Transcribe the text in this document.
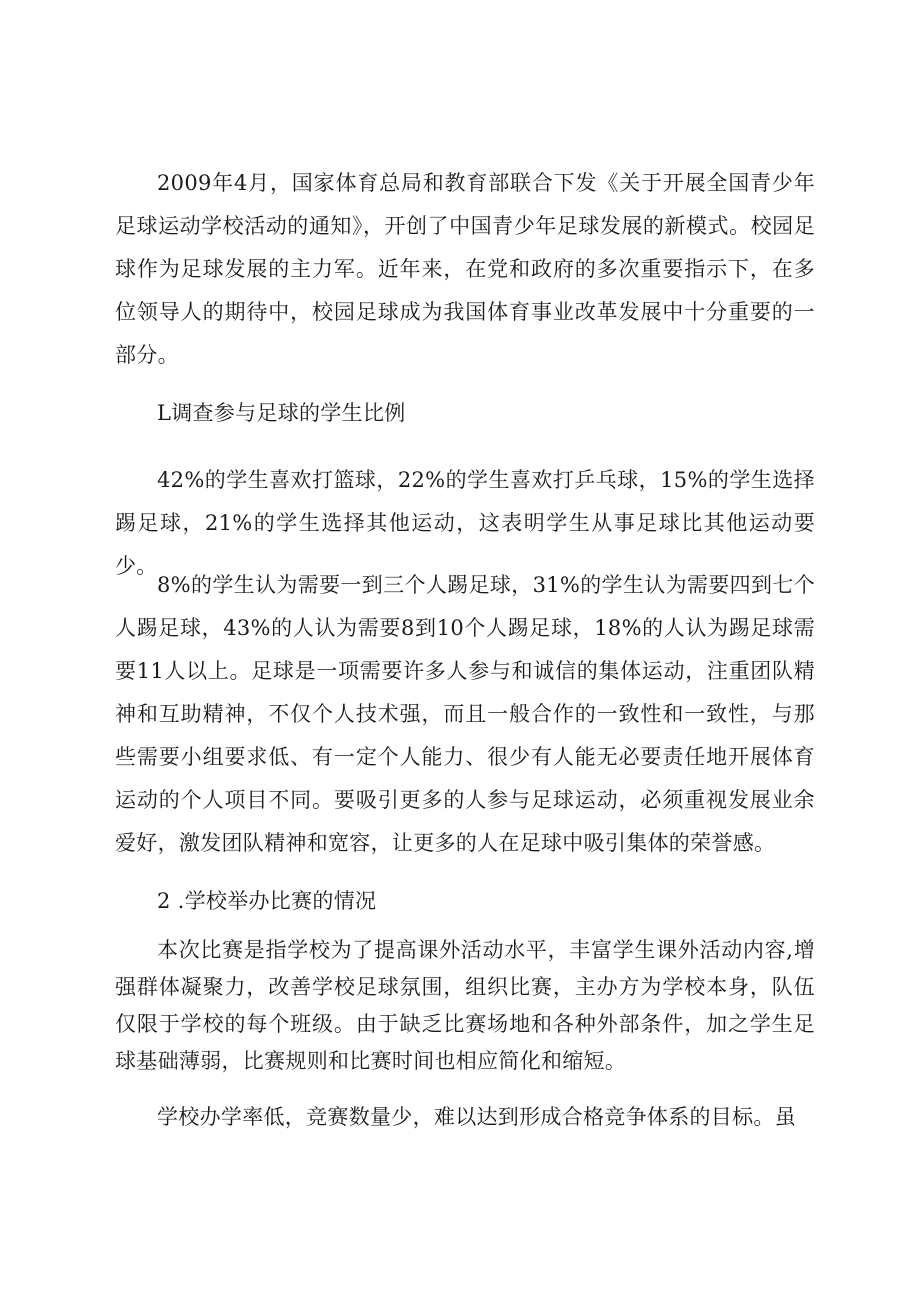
2009年4月，国家体育总局和教育部联合下发《关于开展全国青少年足球运动学校活动的通知》，开创了中国青少年足球发展的新模式。校园足球作为足球发展的主力军。近年来，在党和政府的多次重要指示下，在多位领导人的期待中，校园足球成为我国体育事业改革发展中十分重要的一部分。

L调查参与足球的学生比例

42%的学生喜欢打篮球，22%的学生喜欢打乒乓球，15%的学生选择踢足球，21%的学生选择其他运动，这表明学生从事足球比其他运动要少。

8%的学生认为需要一到三个人踢足球，31%的学生认为需要四到七个人踢足球，43%的人认为需要8到10个人踢足球，18%的人认为踢足球需要11人以上。足球是一项需要许多人参与和诚信的集体运动，注重团队精神和互助精神，不仅个人技术强，而且一般合作的一致性和一致性，与那些需要小组要求低、有一定个人能力、很少有人能无必要责任地开展体育运动的个人项目不同。要吸引更多的人参与足球运动，必须重视发展业余爱好，激发团队精神和宽容，让更多的人在足球中吸引集体的荣誉感。

2 .学校举办比赛的情况

本次比赛是指学校为了提高课外活动水平，丰富学生课外活动内容,增强群体凝聚力，改善学校足球氛围，组织比赛，主办方为学校本身，队伍仅限于学校的每个班级。由于缺乏比赛场地和各种外部条件，加之学生足球基础薄弱，比赛规则和比赛时间也相应简化和缩短。

学校办学率低，竞赛数量少，难以达到形成合格竞争体系的目标。虽
